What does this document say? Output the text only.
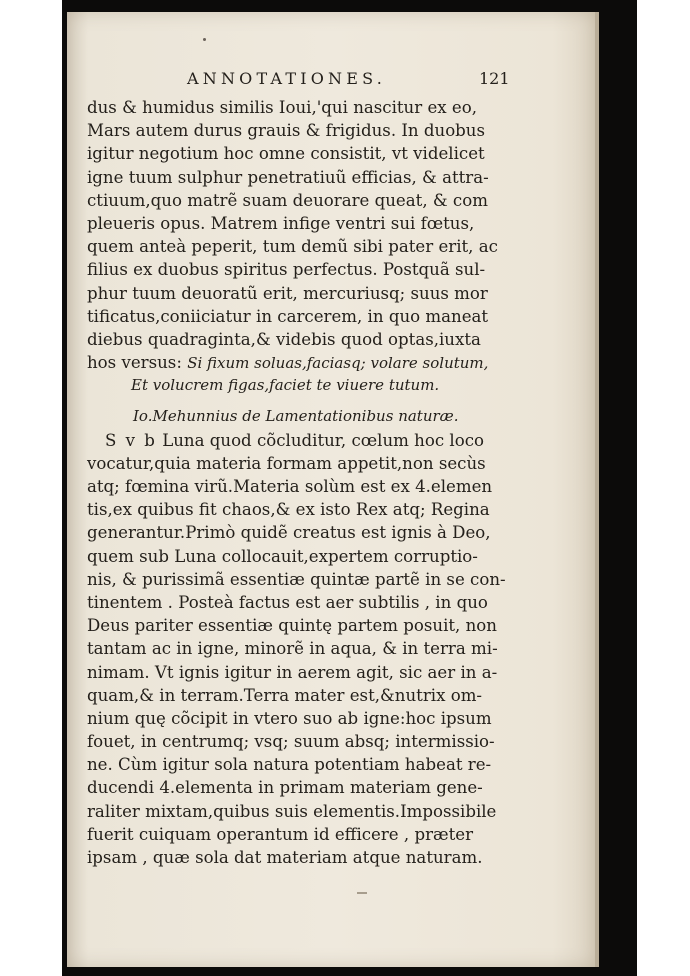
ANNOTATIONES.	121
dus & humidus similis Ioui,'qui nascitur ex eo,
Mars autem durus grauis & frigidus. In duobus
igitur negotium hoc omne consistit, vt videlicet
igne tuum sulphur penetratiuũ efficias, & attra-
ctiuum,quo matrẽ suam deuorare queat, & com
pleueris opus. Matrem infige ventri sui fœtus,
quem anteà peperit, tum demũ sibi pater erit, ac
filius ex duobus spiritus perfectus. Postquã sul-
phur tuum deuoratũ erit, mercuriusq; suus mor
tificatus,coniiciatur in carcerem, in quo maneat
diebus quadraginta,& videbis quod optas,iuxta
hos versus: Si fixum soluas,faciasq; volare solutum,
Et volucrem figas,faciet te viuere tutum.
Io.Mehunnius de Lamentationibus naturæ.
S v b Luna quod cõcluditur, cœlum hoc loco
vocatur,quia materia formam appetit,non secùs
atq; fœmina virũ.Materia solùm est ex 4.elemen
tis,ex quibus fit chaos,& ex isto Rex atq; Regina
generantur.Primò quidẽ creatus est ignis à Deo,
quem sub Luna collocauit,expertem corruptio-
nis, & purissimã essentiæ quintæ partẽ in se con-
tinentem . Posteà factus est aer subtilis , in quo
Deus pariter essentiæ quintę partem posuit, non
tantam ac in igne, minorẽ in aqua, & in terra mi-
nimam. Vt ignis igitur in aerem agit, sic aer in a-
quam,& in terram.Terra mater est,&nutrix om-
nium quę cõcipit in vtero suo ab igne:hoc ipsum
fouet, in centrumq; vsq; suum absq; intermissio-
ne. Cùm igitur sola natura potentiam habeat re-
ducendi 4.elementa in primam materiam gene-
raliter mixtam,quibus suis elementis.Impossibile
fuerit cuiquam operantum id efficere , præter
ipsam , quæ sola dat materiam atque naturam.
